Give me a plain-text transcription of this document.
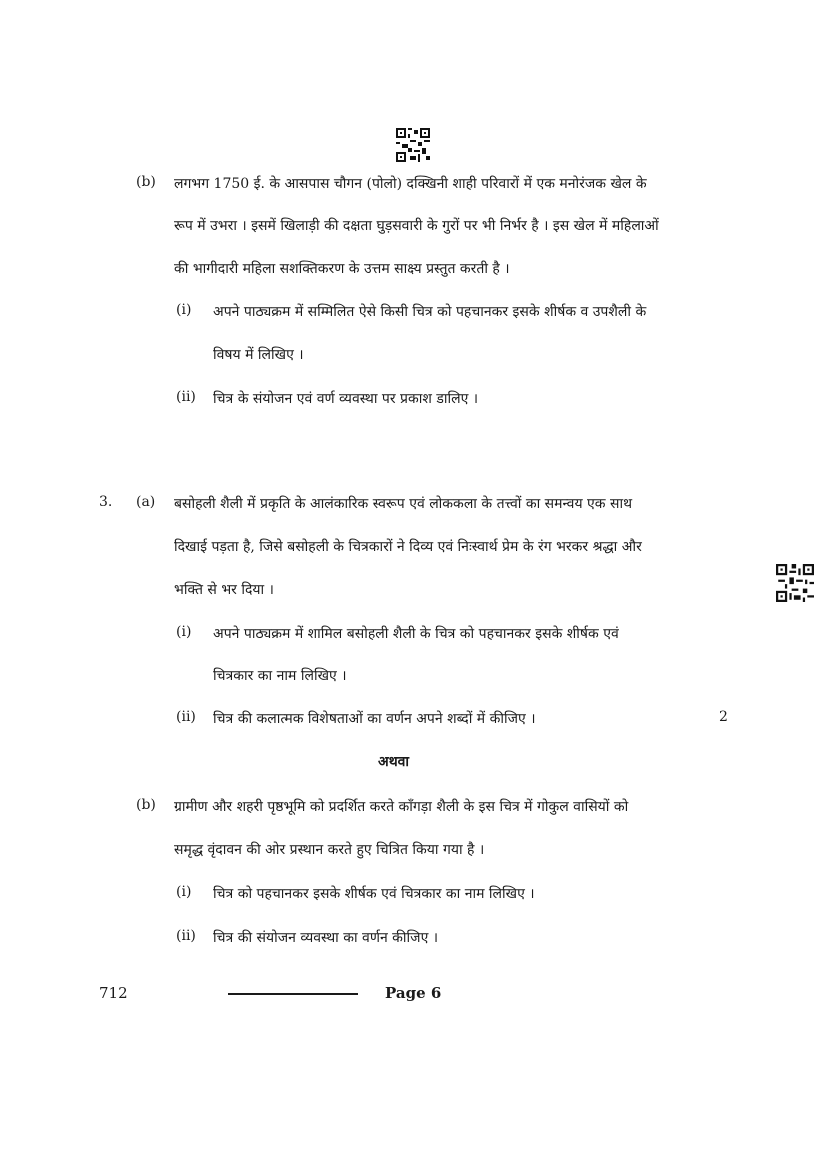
(b) लगभग 1750 ई. के आसपास चौगन (पोलो) दक्खिनी शाही परिवारों में एक मनोरंजक खेल के
रूप में उभरा । इसमें खिलाड़ी की दक्षता घुड़सवारी के गुरों पर भी निर्भर है । इस खेल में महिलाओं
की भागीदारी महिला सशक्तिकरण के उत्तम साक्ष्य प्रस्तुत करती है ।
(i) अपने पाठ्यक्रम में सम्मिलित ऐसे किसी चित्र को पहचानकर इसके शीर्षक व उपशैली के
विषय में लिखिए ।
(ii) चित्र के संयोजन एवं वर्ण व्यवस्था पर प्रकाश डालिए ।
3. (a) बसोहली शैली में प्रकृति के आलंकारिक स्वरूप एवं लोककला के तत्त्वों का समन्वय एक साथ
दिखाई पड़ता है, जिसे बसोहली के चित्रकारों ने दिव्य एवं निःस्वार्थ प्रेम के रंग भरकर श्रद्धा और
भक्ति से भर दिया ।
(i) अपने पाठ्यक्रम में शामिल बसोहली शैली के चित्र को पहचानकर इसके शीर्षक एवं
चित्रकार का नाम लिखिए ।
(ii) चित्र की कलात्मक विशेषताओं का वर्णन अपने शब्दों में कीजिए ।	2
अथवा
(b) ग्रामीण और शहरी पृष्ठभूमि को प्रदर्शित करते काँगड़ा शैली के इस चित्र में गोकुल वासियों को
समृद्ध वृंदावन की ओर प्रस्थान करते हुए चित्रित किया गया है ।
(i) चित्र को पहचानकर इसके शीर्षक एवं चित्रकार का नाम लिखिए ।
(ii) चित्र की संयोजन व्यवस्था का वर्णन कीजिए ।
712	Page 6
